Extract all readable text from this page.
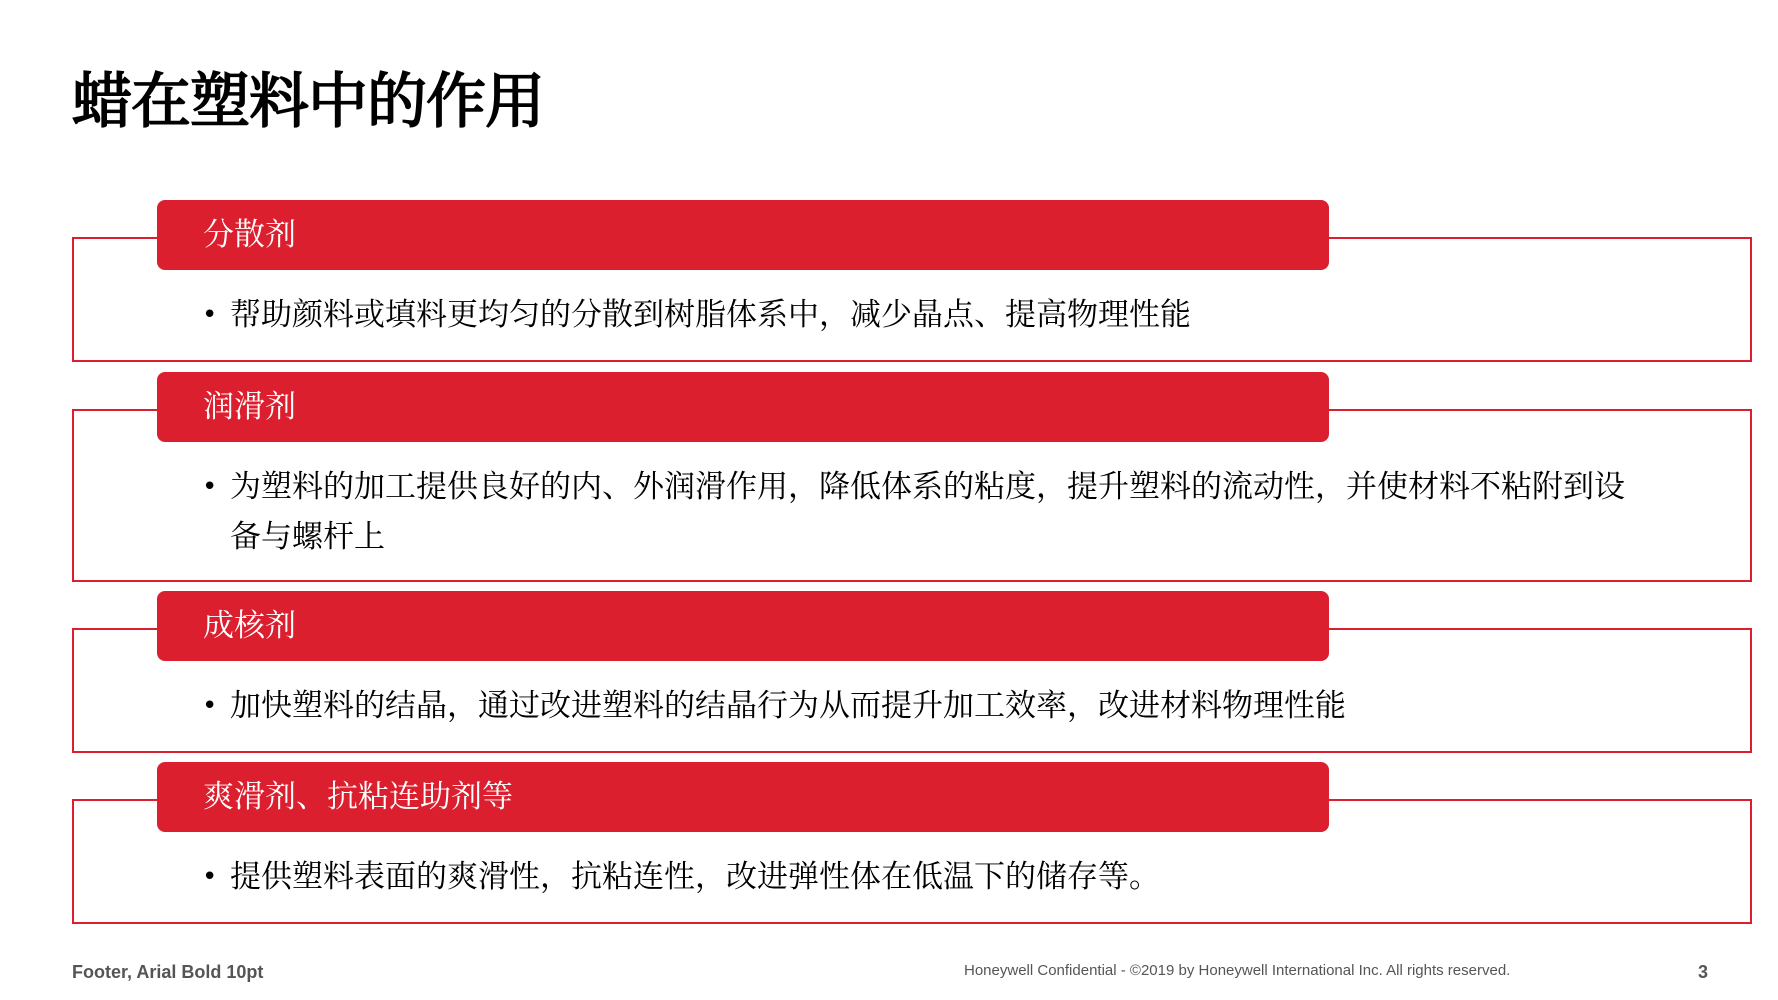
蜡在塑料中的作用
分散剂
• 帮助颜料或填料更均匀的分散到树脂体系中，减少晶点、提高物理性能
润滑剂
• 为塑料的加工提供良好的内、外润滑作用，降低体系的粘度，提升塑料的流动性，并使材料不粘附到设备与螺杆上
成核剂
• 加快塑料的结晶，通过改进塑料的结晶行为从而提升加工效率，改进材料物理性能
爽滑剂、抗粘连助剂等
• 提供塑料表面的爽滑性，抗粘连性，改进弹性体在低温下的储存等。
Footer, Arial Bold 10pt	Honeywell Confidential - ©2019 by Honeywell International Inc. All rights reserved.	3
